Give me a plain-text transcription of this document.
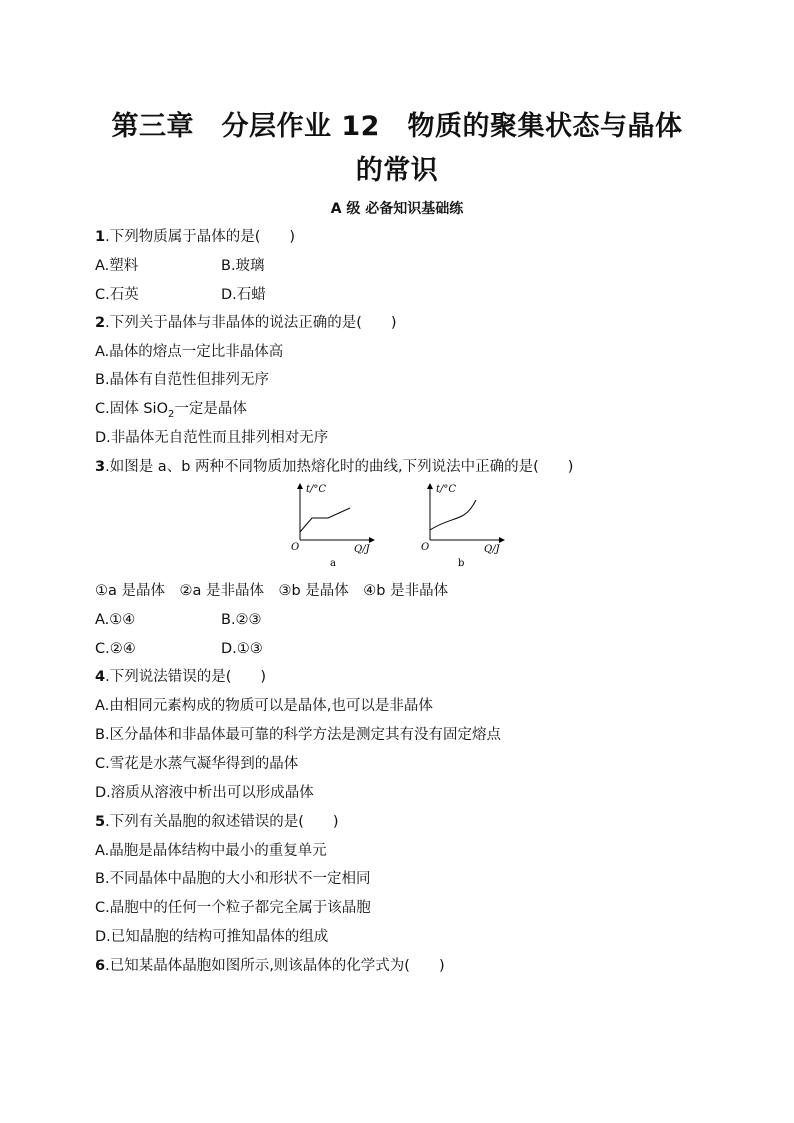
第三章　分层作业 12　物质的聚集状态与晶体
的常识
A 级 必备知识基础练
1.下列物质属于晶体的是(　　)
A.塑料	B.玻璃
C.石英	D.石蜡
2.下列关于晶体与非晶体的说法正确的是(　　)
A.晶体的熔点一定比非晶体高
B.晶体有自范性但排列无序
C.固体 SiO$_2$一定是晶体
D.非晶体无自范性而且排列相对无序
3.如图是 a、b 两种不同物质加热熔化时的曲线,下列说法中正确的是(　　)
t/°C
O	Q/J
a
t/°C
O	Q/J
b
①a 是晶体　②a 是非晶体　③b 是晶体　④b 是非晶体
A.①④	B.②③
C.②④	D.①③
4.下列说法错误的是(　　)
A.由相同元素构成的物质可以是晶体,也可以是非晶体
B.区分晶体和非晶体最可靠的科学方法是测定其有没有固定熔点
C.雪花是水蒸气凝华得到的晶体
D.溶质从溶液中析出可以形成晶体
5.下列有关晶胞的叙述错误的是(　　)
A.晶胞是晶体结构中最小的重复单元
B.不同晶体中晶胞的大小和形状不一定相同
C.晶胞中的任何一个粒子都完全属于该晶胞
D.已知晶胞的结构可推知晶体的组成
6.已知某晶体晶胞如图所示,则该晶体的化学式为(　　)
